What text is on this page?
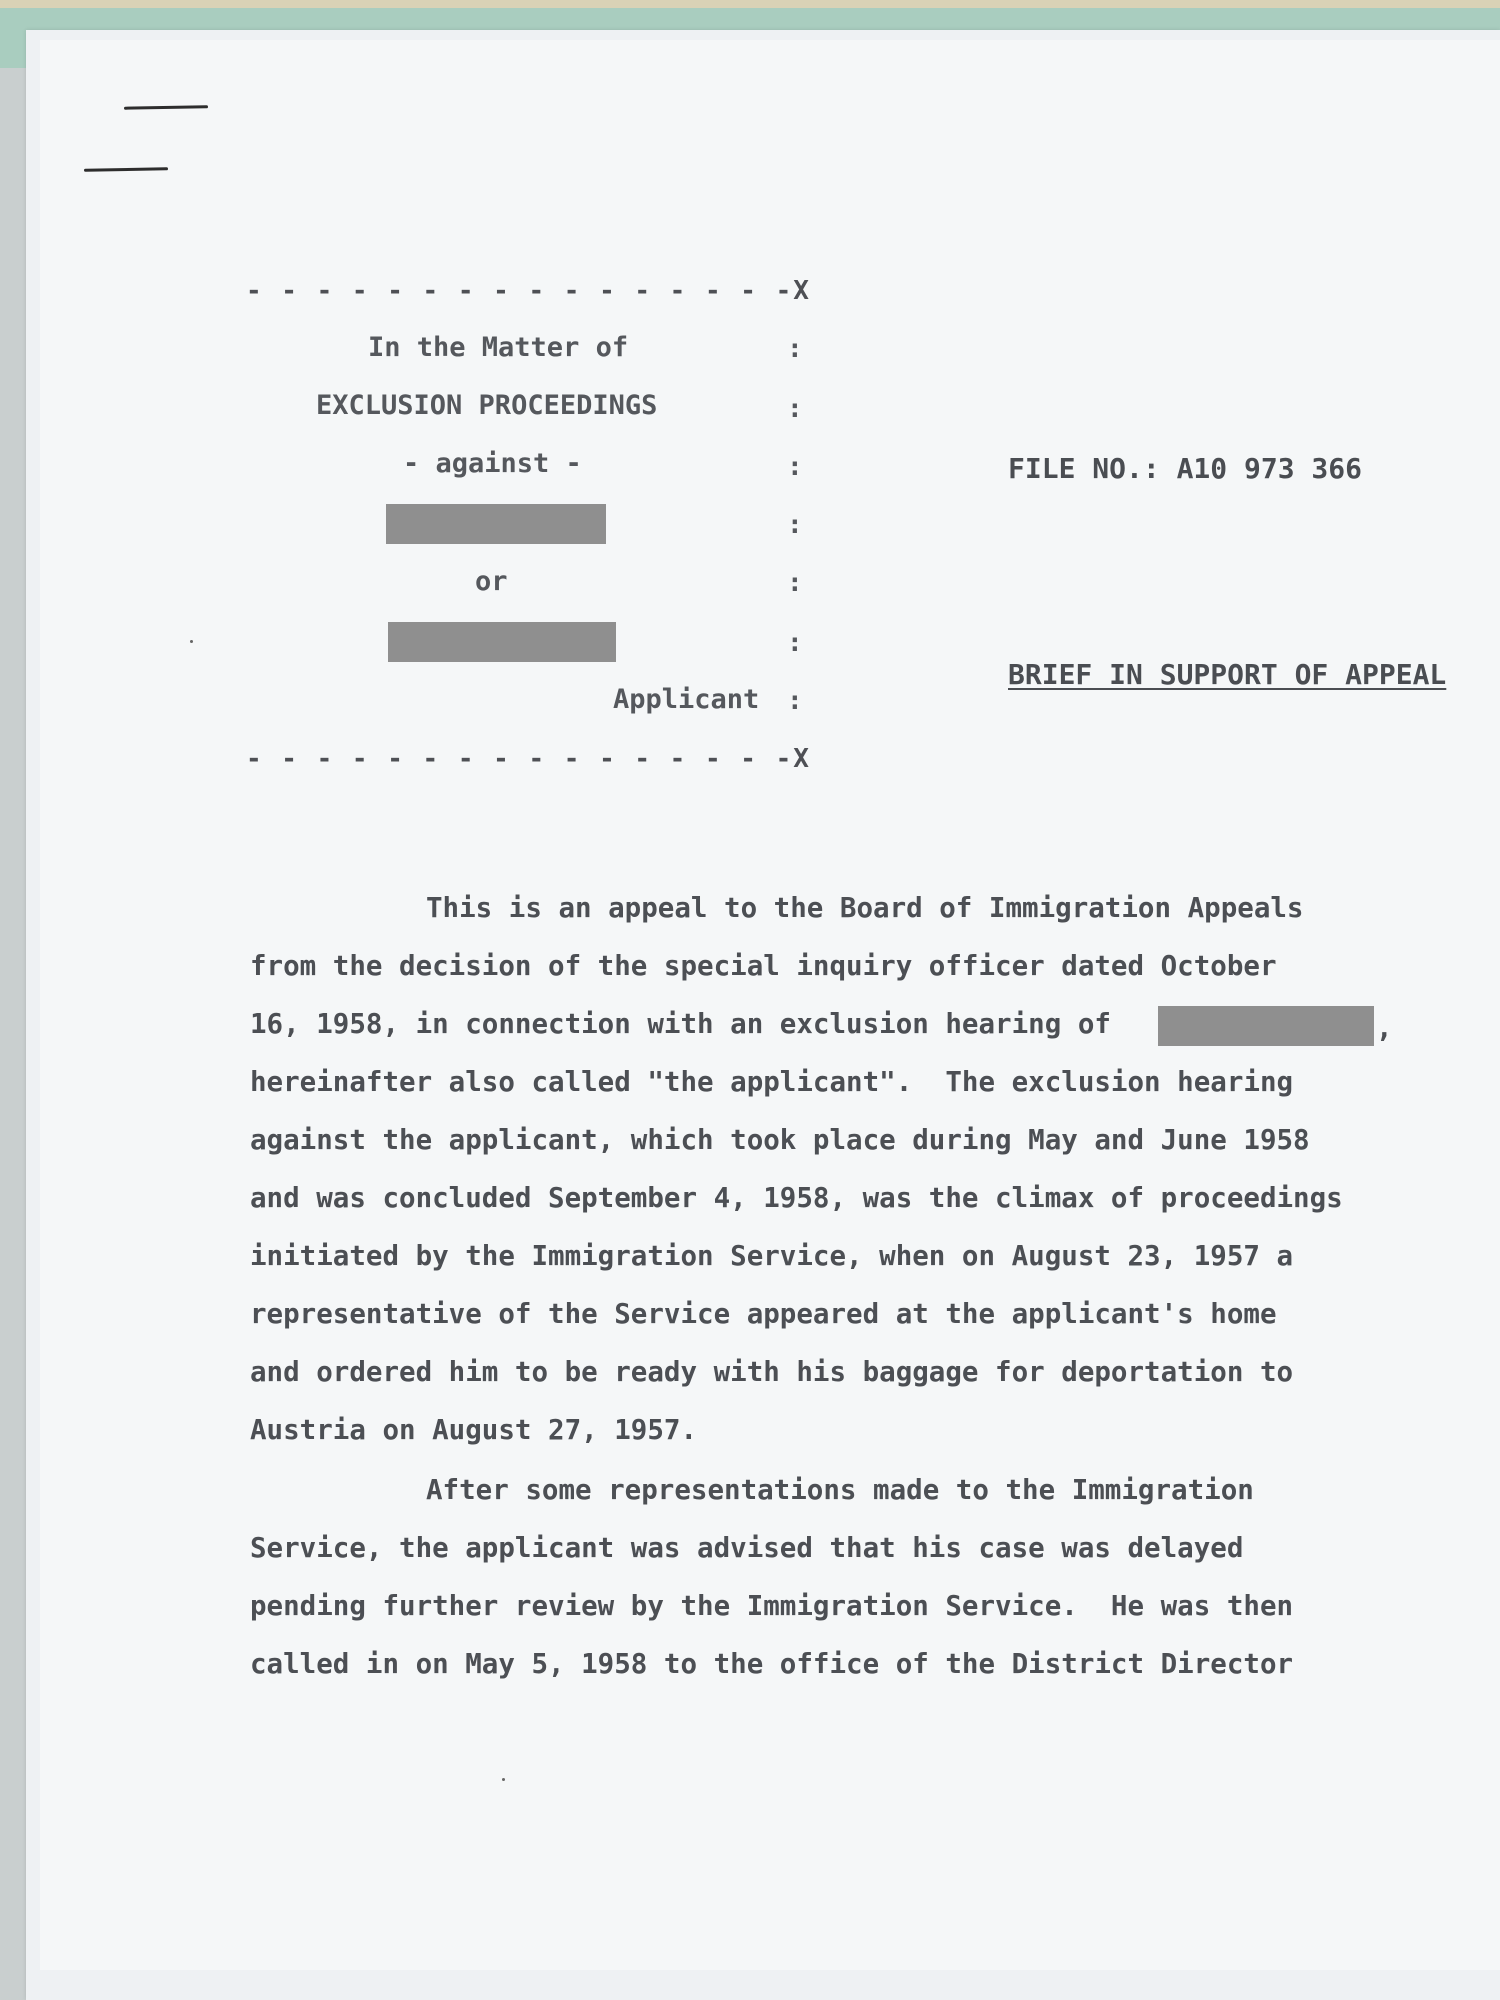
- - - - - - - - - - - - - - - -X
In the Matter of	:
EXCLUSION PROCEEDINGS	:
- against -	:
:
or	:
:
Applicant :
- - - - - - - - - - - - - - - -X
FILE NO.: A10 973 366
BRIEF IN SUPPORT OF APPEAL
This is an appeal to the Board of Immigration Appeals
from the decision of the special inquiry officer dated October
16, 1958, in connection with an exclusion hearing of	,
hereinafter also called "the applicant".  The exclusion hearing
against the applicant, which took place during May and June 1958
and was concluded September 4, 1958, was the climax of proceedings
initiated by the Immigration Service, when on August 23, 1957 a
representative of the Service appeared at the applicant's home
and ordered him to be ready with his baggage for deportation to
Austria on August 27, 1957.
After some representations made to the Immigration
Service, the applicant was advised that his case was delayed
pending further review by the Immigration Service.  He was then
called in on May 5, 1958 to the office of the District Director
